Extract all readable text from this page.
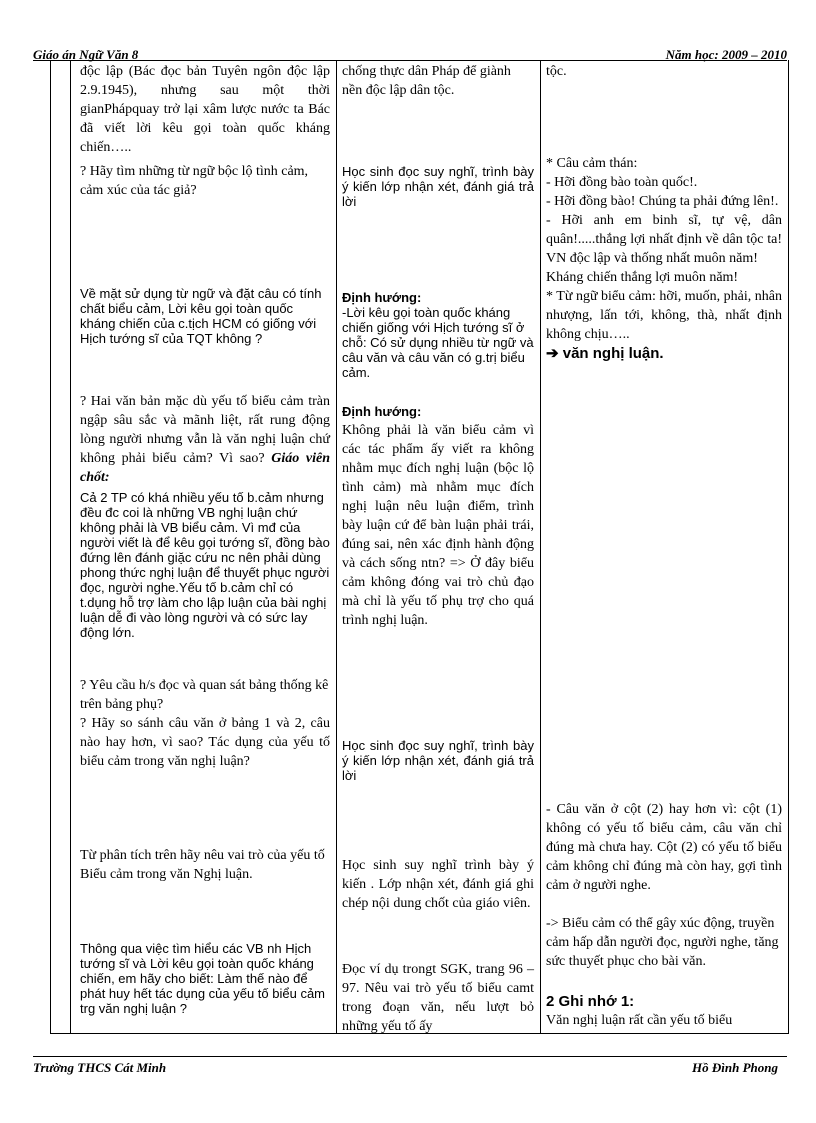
Giáo án Ngữ Văn 8	Năm học: 2009 – 2010

độc lập (Bác đọc bản Tuyên ngôn độc lập 2.9.1945), nhưng sau một thời gianPhápquay trở lại xâm lược nước ta Bác đã viết lời kêu gọi toàn quốc kháng chiến…..

? Hãy tìm những từ ngữ bộc lộ tình cảm, cảm xúc của tác giả?

Về mặt sử dụng từ ngữ và đặt câu có tính chất biểu cảm, Lời kêu gọi toàn quốc kháng chiến của c.tịch HCM có giống với Hịch tướng sĩ của TQT không ?

? Hai văn bản mặc dù yếu tố biểu cảm tràn ngập sâu sắc và mãnh liệt, rất rung động lòng người nhưng vẫn là văn nghị luận chứ không phải biểu cảm? Vì sao? Giáo viên chốt:

Cả 2 TP có khá nhiều yếu tố b.cảm nhưng đều đc coi là những VB nghị luận chứ không phải là VB biểu cảm. Vì mđ của người viết là để kêu gọi tướng sĩ, đồng bào đứng lên đánh giặc cứu nc nên phải dùng phong thức nghị luận để thuyết phục người đọc, người nghe.Yếu tố b.cảm chỉ có t.dụng hỗ trợ làm cho lập luận của bài nghị luận dễ đi vào lòng người và có sức lay động lớn.

? Yêu cầu h/s đọc và quan sát bảng thống kê trên bảng phụ?

? Hãy so sánh câu văn ở bảng 1 và 2, câu nào hay hơn, vì sao? Tác dụng của yếu tố biểu cảm trong văn nghị luận?

Từ phân tích trên hãy nêu vai trò của yếu tố Biểu cảm trong văn Nghị luận.

Thông qua việc tìm hiểu các VB nh Hịch tướng sĩ và Lời kêu gọi toàn quốc kháng chiến, em hãy cho biết: Làm thế nào để phát huy hết tác dụng của yếu tố biểu cảm trg văn nghị luận ?

chống thực dân Pháp để giành nền độc lập dân tộc.

Học sinh đọc suy nghĩ, trình bày ý kiến lớp nhận xét, đánh giá trả lời

Định hướng:

-Lời kêu gọi toàn quốc kháng chiến giống với Hịch tướng sĩ ở chỗ: Có sử dụng nhiều từ ngữ và câu văn và câu văn có g.trị biểu cảm.

Định hướng:

Không phải là văn biểu cảm vì các tác phẩm ấy viết ra không nhằm mục đích nghị luận (bộc lộ tình cảm) mà nhằm mục đích nghị luận nêu luận điểm, trình bày luận cứ để bàn luận phải trái, đúng sai, nên xác định hành động và cách sống ntn? => Ở đây biểu cảm không đóng vai trò chủ đạo mà chỉ là yếu tố phụ trợ cho quá trình nghị luận.

Học sinh đọc suy nghĩ, trình bày ý kiến lớp nhận xét, đánh giá trả lời

Học sinh suy nghĩ trình bày ý kiến . Lớp nhận xét, đánh giá ghi chép nội dung chốt của giáo viên.

Đọc ví dụ trongt SGK, trang 96 – 97. Nêu vai trò yếu tố biểu camt trong đoạn văn, nếu lượt bỏ những yếu tố ấy

tộc.

* Câu cảm thán:

- Hỡi đồng bào toàn quốc!.

- Hỡi đồng bào! Chúng ta phải đứng lên!.

- Hỡi anh em binh sĩ, tự vệ, dân quân!.....thắng lợi nhất định về dân tộc ta! VN độc lập và thống nhất muôn năm!

Kháng chiến thắng lợi muôn năm!

* Từ ngữ biểu cảm: hỡi, muốn, phải, nhân nhượng, lấn tới, không, thà, nhất định không chịu…..

➔ văn nghị luận.

- Câu văn ở cột (2) hay hơn vì: cột (1) không có yếu tố biểu cảm, câu văn chỉ đúng mà chưa hay. Cột (2) có yếu tố biểu cảm không chỉ đúng mà còn hay, gợi tình cảm ở người nghe.

-> Biểu cảm có thể gây xúc động, truyền cảm hấp dẫn người đọc, người nghe, tăng sức thuyết phục cho bài văn.

2 Ghi nhớ 1:

Văn nghị luận rất cần yếu tố biểu

Trường THCS Cát Minh	Hồ Đình Phong
